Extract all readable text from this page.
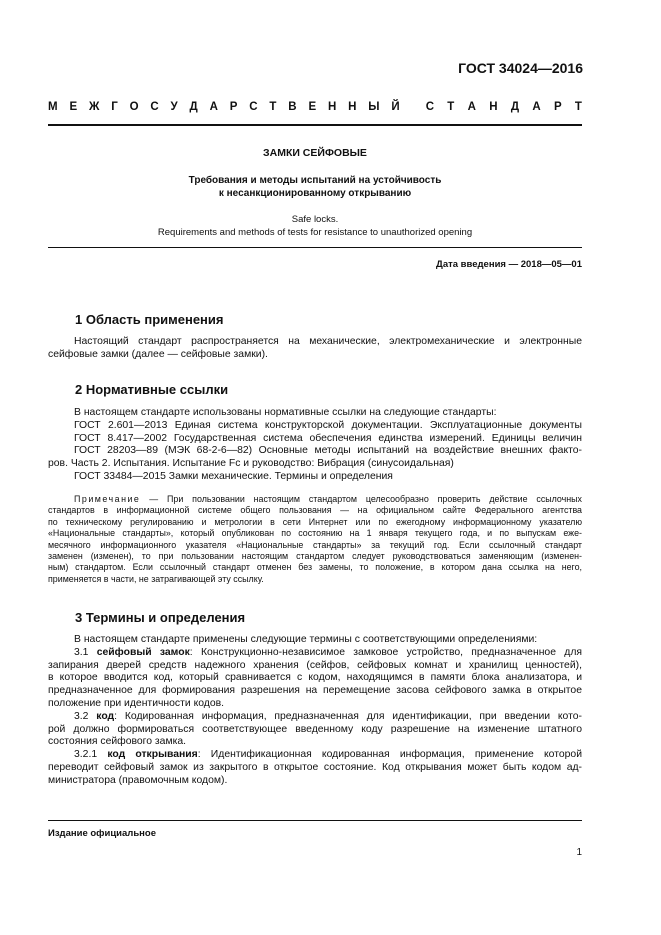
ГОСТ 34024—2016
М Е Ж Г О С У Д А Р С Т В Е Н Н Ы Й С Т А Н Д А Р Т
ЗАМКИ СЕЙФОВЫЕ
Требования и методы испытаний на устойчивость
к несанкционированному открыванию
Safe locks.
Requirements and methods of tests for resistance to unauthorized opening
Дата введения — 2018—05—01
1 Область применения
Настоящий стандарт распространяется на механические, электромеханические и электронные
сейфовые замки (далее — сейфовые замки).
2 Нормативные ссылки
В настоящем стандарте использованы нормативные ссылки на следующие стандарты:
ГОСТ 2.601—2013 Единая система конструкторской документации. Эксплуатационные документы
ГОСТ 8.417—2002 Государственная система обеспечения единства измерений. Единицы величин
ГОСТ 28203—89 (МЭК 68-2-6—82) Основные методы испытаний на воздействие внешних факто-
ров. Часть 2. Испытания. Испытание Fc и руководство: Вибрация (синусоидальная)
ГОСТ 33484—2015 Замки механические. Термины и определения
Примечание — При пользовании настоящим стандартом целесообразно проверить действие ссылочных
стандартов в информационной системе общего пользования — на официальном сайте Федерального агентства
по техническому регулированию и метрологии в сети Интернет или по ежегодному информационному указателю
«Национальные стандарты», который опубликован по состоянию на 1 января текущего года, и по выпускам еже-
месячного информационного указателя «Национальные стандарты» за текущий год. Если ссылочный стандарт
заменен (изменен), то при пользовании настоящим стандартом следует руководствоваться заменяющим (изменен-
ным) стандартом. Если ссылочный стандарт отменен без замены, то положение, в котором дана ссылка на него,
применяется в части, не затрагивающей эту ссылку.
3 Термины и определения
В настоящем стандарте применены следующие термины с соответствующими определениями:
3.1 сейфовый замок: Конструкционно-независимое замковое устройство, предназначенное для
запирания дверей средств надежного хранения (сейфов, сейфовых комнат и хранилищ ценностей),
в которое вводится код, который сравнивается с кодом, находящимся в памяти блока анализатора, и
предназначенное для формирования разрешения на перемещение засова сейфового замка в открытое
положение при идентичности кодов.
3.2 код: Кодированная информация, предназначенная для идентификации, при введении кото-
рой должно формироваться соответствующее введенному коду разрешение на изменение штатного
состояния сейфового замка.
3.2.1 код открывания: Идентификационная кодированная информация, применение которой
переводит сейфовый замок из закрытого в открытое состояние. Код открывания может быть кодом ад-
министратора (правомочным кодом).
Издание официальное
1
